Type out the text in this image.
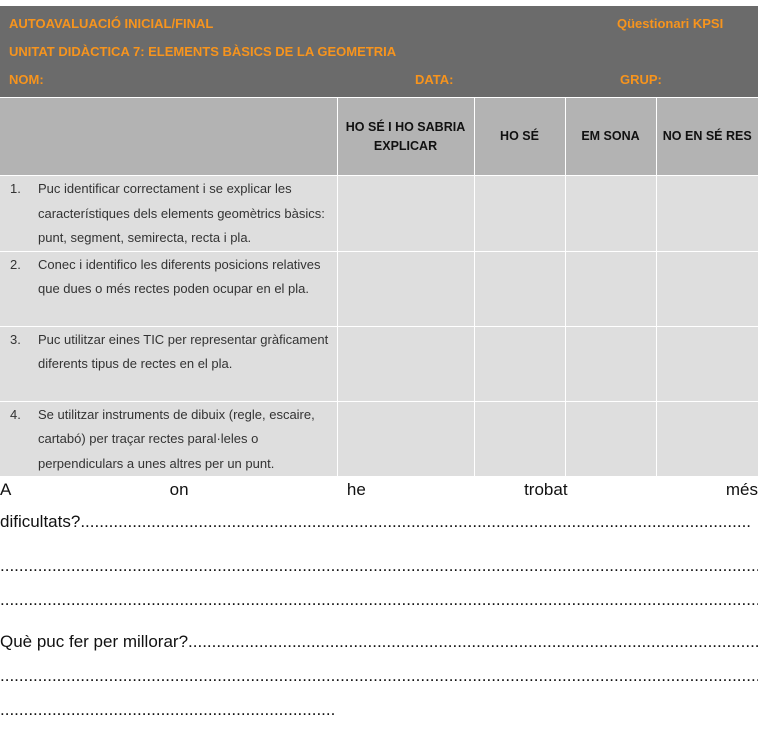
AUTOAVALUACIÓ INICIAL/FINAL	Qüestionari KPSI
UNITAT DIDÀCTICA 7: ELEMENTS BÀSICS DE LA GEOMETRIA
NOM:	DATA:	GRUP:
	HO SÉ I HO SABRIA EXPLICAR	HO SÉ	EM SONA	NO EN SÉ RES

1. Puc identificar correctament i se explicar les característiques dels elements geomètrics bàsics: punt, segment, semirecta, recta i pla.				

2. Conec i identifico les diferents posicions relatives que dues o més rectes poden ocupar en el pla.				

3. Puc utilitzar eines TIC per representar gràficament diferents tipus de rectes en el pla.				

4. Se utilitzar instruments de dibuix (regle, escaire, cartabó) per traçar rectes paral·leles o perpendiculars a unes altres per un punt.				

A	on	he	trobat	més
dificultats?
.....
.....
.....
Què puc fer per millorar?
.....
.....
.....
